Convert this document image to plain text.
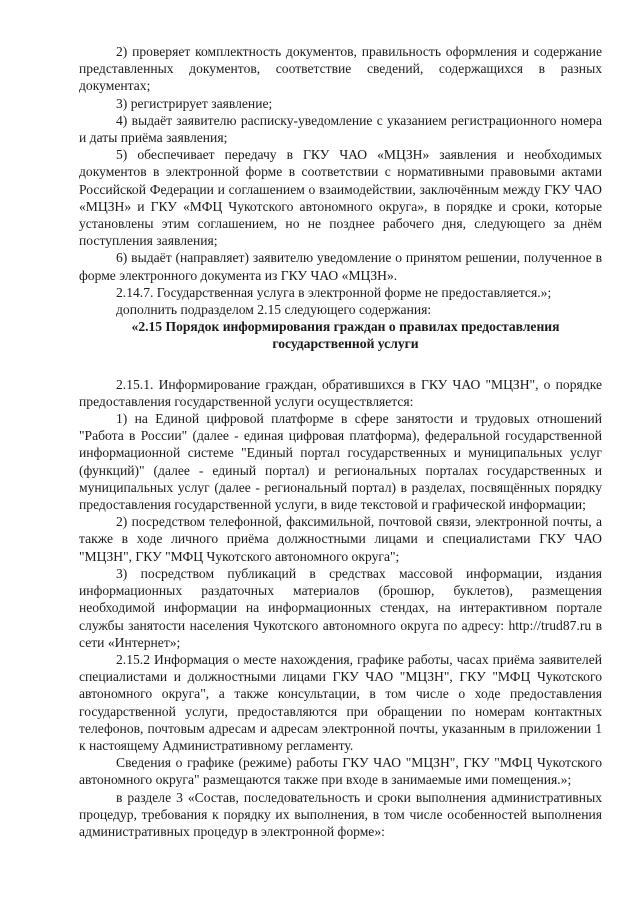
2) проверяет комплектность документов, правильность оформления и содержание представленных документов, соответствие сведений, содержащихся в разных документах;

3) регистрирует заявление;

4) выдаёт заявителю расписку-уведомление с указанием регистрационного номера и даты приёма заявления;

5) обеспечивает передачу в ГКУ ЧАО «МЦЗН» заявления и необходимых документов в электронной форме в соответствии с нормативными правовыми актами Российской Федерации и соглашением о взаимодействии, заключённым между ГКУ ЧАО «МЦЗН» и ГКУ «МФЦ Чукотского автономного округа», в порядке и сроки, которые установлены этим соглашением, но не позднее рабочего дня, следующего за днём поступления заявления;

6) выдаёт (направляет) заявителю уведомление о принятом решении, полученное в форме электронного документа из ГКУ ЧАО «МЦЗН».

2.14.7. Государственная услуга в электронной форме не предоставляется.»;

дополнить подразделом 2.15 следующего содержания:

«2.15 Порядок информирования граждан о правилах предоставления государственной услуги

2.15.1. Информирование граждан, обратившихся в ГКУ ЧАО "МЦЗН", о порядке предоставления государственной услуги осуществляется:

1) на Единой цифровой платформе в сфере занятости и трудовых отношений "Работа в России" (далее - единая цифровая платформа), федеральной государственной информационной системе "Единый портал государственных и муниципальных услуг (функций)" (далее - единый портал) и региональных порталах государственных и муниципальных услуг (далее - региональный портал) в разделах, посвящённых порядку предоставления государственной услуги, в виде текстовой и графической информации;

2) посредством телефонной, факсимильной, почтовой связи, электронной почты, а также в ходе личного приёма должностными лицами и специалистами ГКУ ЧАО "МЦЗН", ГКУ "МФЦ Чукотского автономного округа";

3) посредством публикаций в средствах массовой информации, издания информационных раздаточных материалов (брошюр, буклетов), размещения необходимой информации на информационных стендах, на интерактивном портале службы занятости населения Чукотского автономного округа по адресу: http://trud87.ru в сети «Интернет»;

2.15.2 Информация о месте нахождения, графике работы, часах приёма заявителей специалистами и должностными лицами ГКУ ЧАО "МЦЗН", ГКУ "МФЦ Чукотского автономного округа", а также консультации, в том числе о ходе предоставления государственной услуги, предоставляются при обращении по номерам контактных телефонов, почтовым адресам и адресам электронной почты, указанным в приложении 1 к настоящему Административному регламенту.

Сведения о графике (режиме) работы ГКУ ЧАО "МЦЗН", ГКУ "МФЦ Чукотского автономного округа" размещаются также при входе в занимаемые ими помещения.»;

в разделе 3 «Состав, последовательность и сроки выполнения административных процедур, требования к порядку их выполнения, в том числе особенностей выполнения административных процедур в электронной форме»:
